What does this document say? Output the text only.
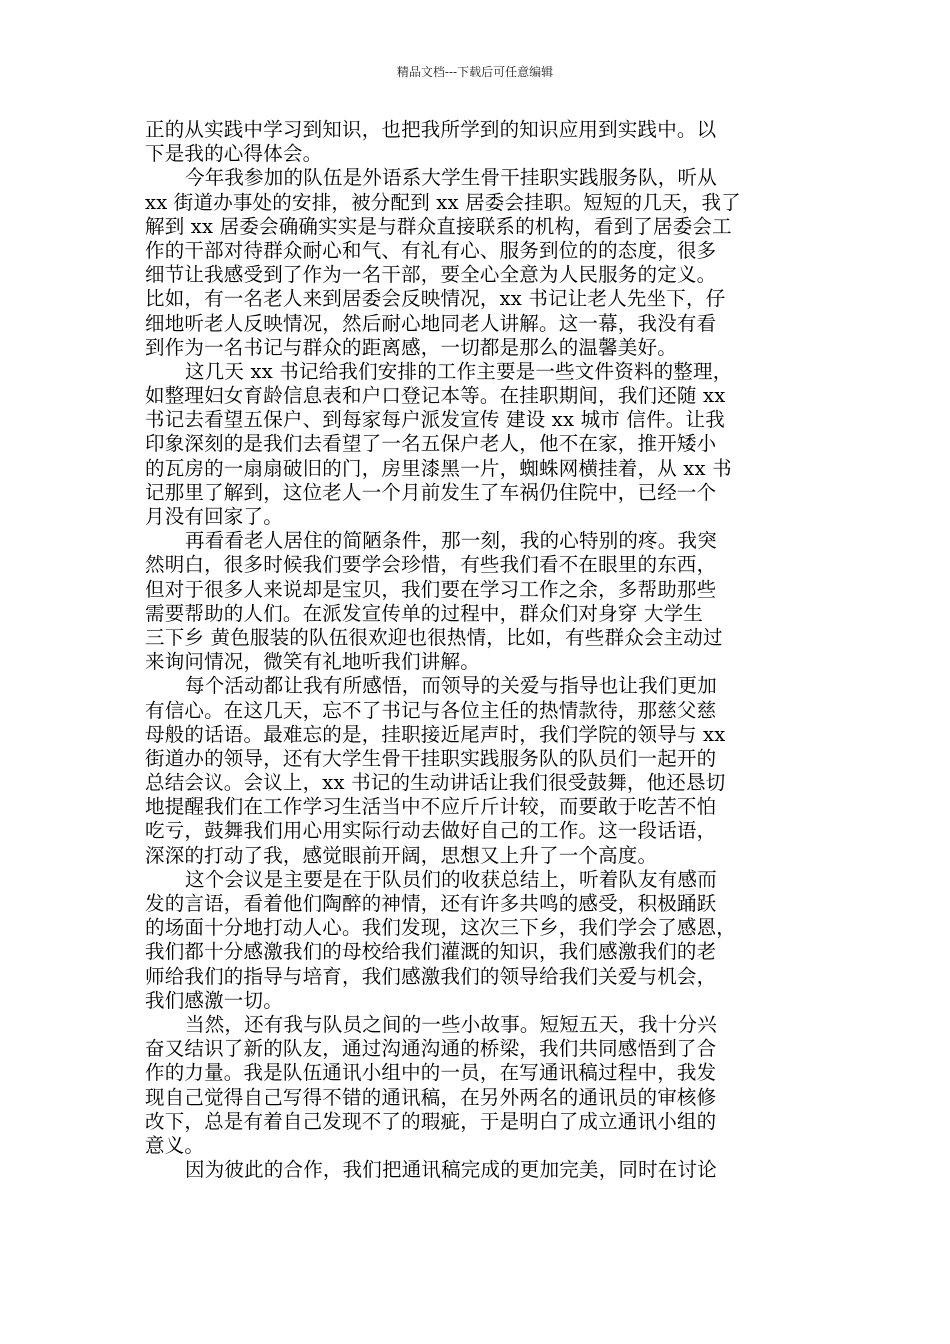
精品文档---下载后可任意编辑
正的从实践中学习到知识，也把我所学到的知识应用到实践中。以
下是我的心得体会。
今年我参加的队伍是外语系大学生骨干挂职实践服务队，听从
xx 街道办事处的安排，被分配到 xx 居委会挂职。短短的几天，我了
解到 xx 居委会确确实实是与群众直接联系的机构，看到了居委会工
作的干部对待群众耐心和气、有礼有心、服务到位的的态度，很多
细节让我感受到了作为一名干部，要全心全意为人民服务的定义。
比如，有一名老人来到居委会反映情况，xx 书记让老人先坐下，仔
细地听老人反映情况，然后耐心地同老人讲解。这一幕，我没有看
到作为一名书记与群众的距离感，一切都是那么的温馨美好。
这几天 xx 书记给我们安排的工作主要是一些文件资料的整理，
如整理妇女育龄信息表和户口登记本等。在挂职期间，我们还随 xx
书记去看望五保户、到每家每户派发宣传 建设 xx 城市 信件。让我
印象深刻的是我们去看望了一名五保户老人，他不在家，推开矮小
的瓦房的一扇扇破旧的门，房里漆黑一片，蜘蛛网横挂着，从 xx 书
记那里了解到，这位老人一个月前发生了车祸仍住院中，已经一个
月没有回家了。
再看看老人居住的简陋条件，那一刻，我的心特别的疼。我突
然明白，很多时候我们要学会珍惜，有些我们看不在眼里的东西，
但对于很多人来说却是宝贝，我们要在学习工作之余，多帮助那些
需要帮助的人们。在派发宣传单的过程中，群众们对身穿 大学生
三下乡 黄色服装的队伍很欢迎也很热情，比如，有些群众会主动过
来询问情况，微笑有礼地听我们讲解。
每个活动都让我有所感悟，而领导的关爱与指导也让我们更加
有信心。在这几天，忘不了书记与各位主任的热情款待，那慈父慈
母般的话语。最难忘的是，挂职接近尾声时，我们学院的领导与 xx
街道办的领导，还有大学生骨干挂职实践服务队的队员们一起开的
总结会议。会议上，xx 书记的生动讲话让我们很受鼓舞，他还恳切
地提醒我们在工作学习生活当中不应斤斤计较，而要敢于吃苦不怕
吃亏，鼓舞我们用心用实际行动去做好自己的工作。这一段话语，
深深的打动了我，感觉眼前开阔，思想又上升了一个高度。
这个会议是主要是在于队员们的收获总结上，听着队友有感而
发的言语，看着他们陶醉的神情，还有许多共鸣的感受，积极踊跃
的场面十分地打动人心。我们发现，这次三下乡，我们学会了感恩，
我们都十分感激我们的母校给我们灌溉的知识，我们感激我们的老
师给我们的指导与培育，我们感激我们的领导给我们关爱与机会，
我们感激一切。
当然，还有我与队员之间的一些小故事。短短五天，我十分兴
奋又结识了新的队友，通过沟通沟通的桥梁，我们共同感悟到了合
作的力量。我是队伍通讯小组中的一员，在写通讯稿过程中，我发
现自己觉得自己写得不错的通讯稿，在另外两名的通讯员的审核修
改下，总是有着自己发现不了的瑕疵，于是明白了成立通讯小组的
意义。
因为彼此的合作，我们把通讯稿完成的更加完美，同时在讨论
